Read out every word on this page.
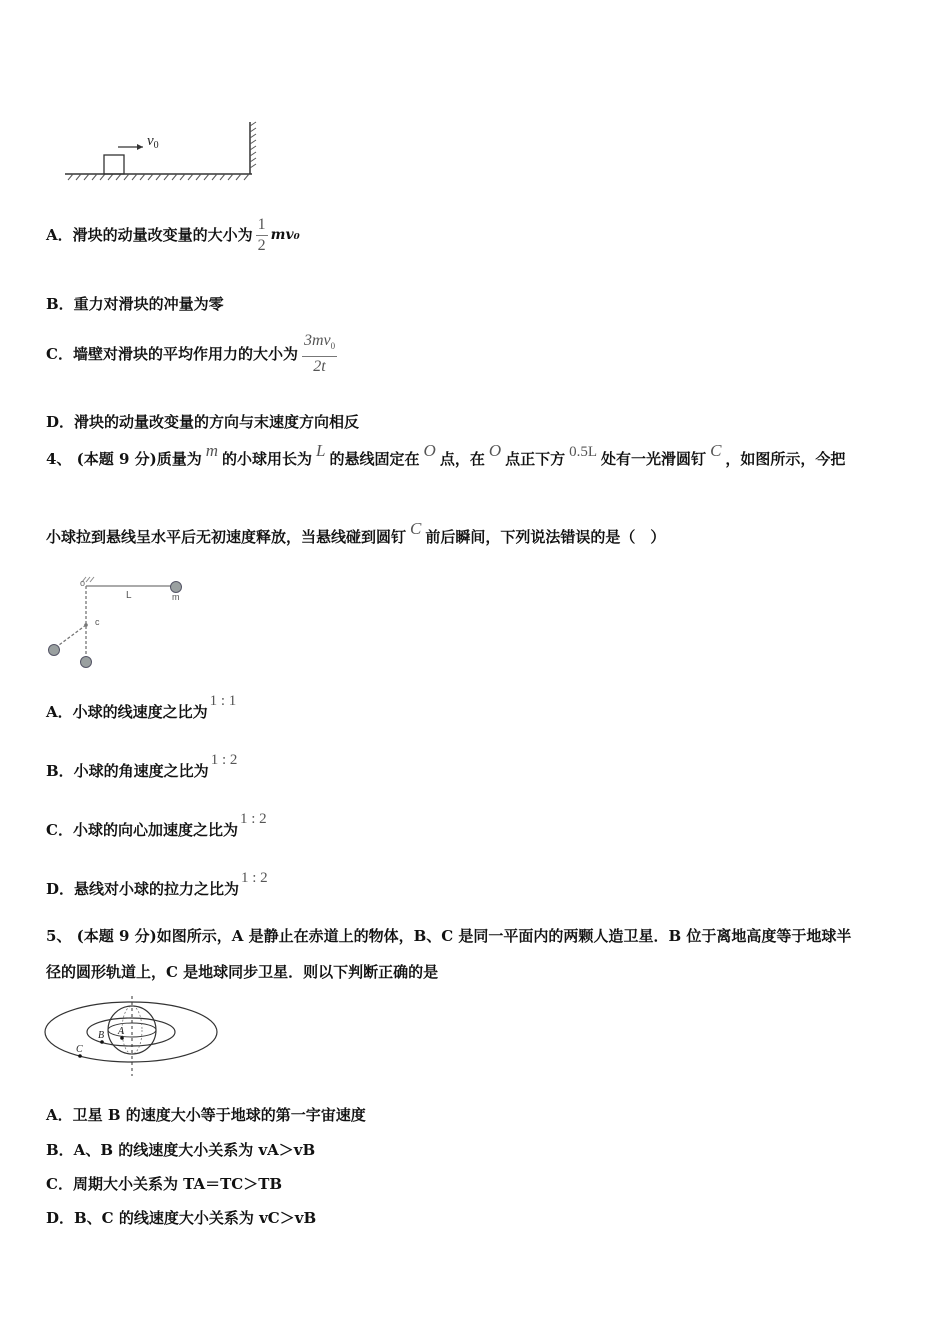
$v_0$
A．滑块的动量改变量的大小为 $\frac{1}{2} mv_0$
B．重力对滑块的冲量为零
C．墙壁对滑块的平均作用力的大小为 $\frac{3mv_0}{2t}$
D．滑块的动量改变量的方向与末速度方向相反
4、 (本题 9 分)质量为 m 的小球用长为 L 的悬线固定在 O 点，在 O 点正下方 0.5L 处有一光滑圆钉 C ，如图所示，今把
小球拉到悬线呈水平后无初速度释放，当悬线碰到圆钉 C 前后瞬间，下列说法错误的是（　）
o
L	m
c
A．小球的线速度之比为1 : 1
B．小球的角速度之比为1 : 2
C．小球的向心加速度之比为1 : 2
D．悬线对小球的拉力之比为1 : 2
5、 (本题 9 分)如图所示，A 是静止在赤道上的物体，B、C 是同一平面内的两颗人造卫星．B 位于离地高度等于地球半
径的圆形轨道上，C 是地球同步卫星．则以下判断正确的是
A
B
C
A．卫星 B 的速度大小等于地球的第一宇宙速度
B．A、B 的线速度大小关系为 vA＞vB
C．周期大小关系为 TA＝TC＞TB
D．B、C 的线速度大小关系为 vC＞vB
